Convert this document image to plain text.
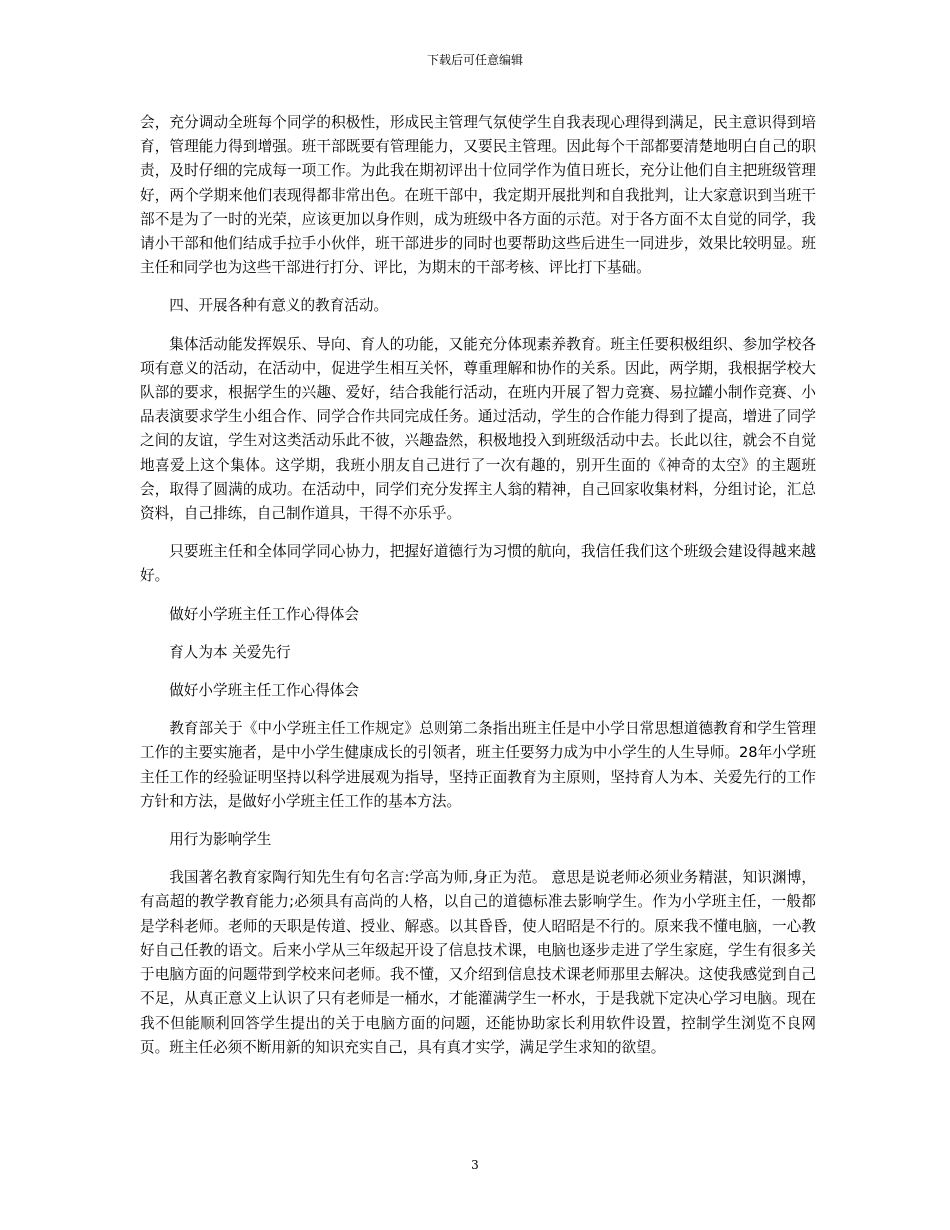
下载后可任意编辑

会，充分调动全班每个同学的积极性，形成民主管理气氛使学生自我表现心理得到满足，民主意识得到培育，管理能力得到增强。班干部既要有管理能力，又要民主管理。因此每个干部都要清楚地明白自己的职责，及时仔细的完成每一项工作。为此我在期初评出十位同学作为值日班长，充分让他们自主把班级管理好，两个学期来他们表现得都非常出色。在班干部中，我定期开展批判和自我批判，让大家意识到当班干部不是为了一时的光荣，应该更加以身作则，成为班级中各方面的示范。对于各方面不太自觉的同学，我请小干部和他们结成手拉手小伙伴，班干部进步的同时也要帮助这些后进生一同进步，效果比较明显。班主任和同学也为这些干部进行打分、评比，为期末的干部考核、评比打下基础。

四、开展各种有意义的教育活动。

集体活动能发挥娱乐、导向、育人的功能，又能充分体现素养教育。班主任要积极组织、参加学校各项有意义的活动，在活动中，促进学生相互关怀，尊重理解和协作的关系。因此，两学期，我根据学校大队部的要求，根据学生的兴趣、爱好，结合我能行活动，在班内开展了智力竞赛、易拉罐小制作竞赛、小品表演要求学生小组合作、同学合作共同完成任务。通过活动，学生的合作能力得到了提高，增进了同学之间的友谊，学生对这类活动乐此不彼，兴趣盎然，积极地投入到班级活动中去。长此以往，就会不自觉地喜爱上这个集体。这学期，我班小朋友自己进行了一次有趣的，别开生面的《神奇的太空》的主题班会，取得了圆满的成功。在活动中，同学们充分发挥主人翁的精神，自己回家收集材料，分组讨论，汇总资料，自己排练，自己制作道具，干得不亦乐乎。

只要班主任和全体同学同心协力，把握好道德行为习惯的航向，我信任我们这个班级会建设得越来越好。

做好小学班主任工作心得体会

育人为本 关爱先行

做好小学班主任工作心得体会

教育部关于《中小学班主任工作规定》总则第二条指出班主任是中小学日常思想道德教育和学生管理工作的主要实施者，是中小学生健康成长的引领者，班主任要努力成为中小学生的人生导师。28年小学班主任工作的经验证明坚持以科学进展观为指导，坚持正面教育为主原则，坚持育人为本、关爱先行的工作方针和方法，是做好小学班主任工作的基本方法。

用行为影响学生

我国著名教育家陶行知先生有句名言:学高为师,身正为范。 意思是说老师必须业务精湛，知识渊博，有高超的教学教育能力;必须具有高尚的人格，以自己的道德标准去影响学生。作为小学班主任，一般都是学科老师。老师的天职是传道、授业、解惑。以其昏昏，使人昭昭是不行的。原来我不懂电脑，一心教好自己任教的语文。后来小学从三年级起开设了信息技术课，电脑也逐步走进了学生家庭，学生有很多关于电脑方面的问题带到学校来问老师。我不懂，又介绍到信息技术课老师那里去解决。这使我感觉到自己不足，从真正意义上认识了只有老师是一桶水，才能灌满学生一杯水，于是我就下定决心学习电脑。现在我不但能顺利回答学生提出的关于电脑方面的问题，还能协助家长利用软件设置，控制学生浏览不良网页。班主任必须不断用新的知识充实自己，具有真才实学，满足学生求知的欲望。

3
